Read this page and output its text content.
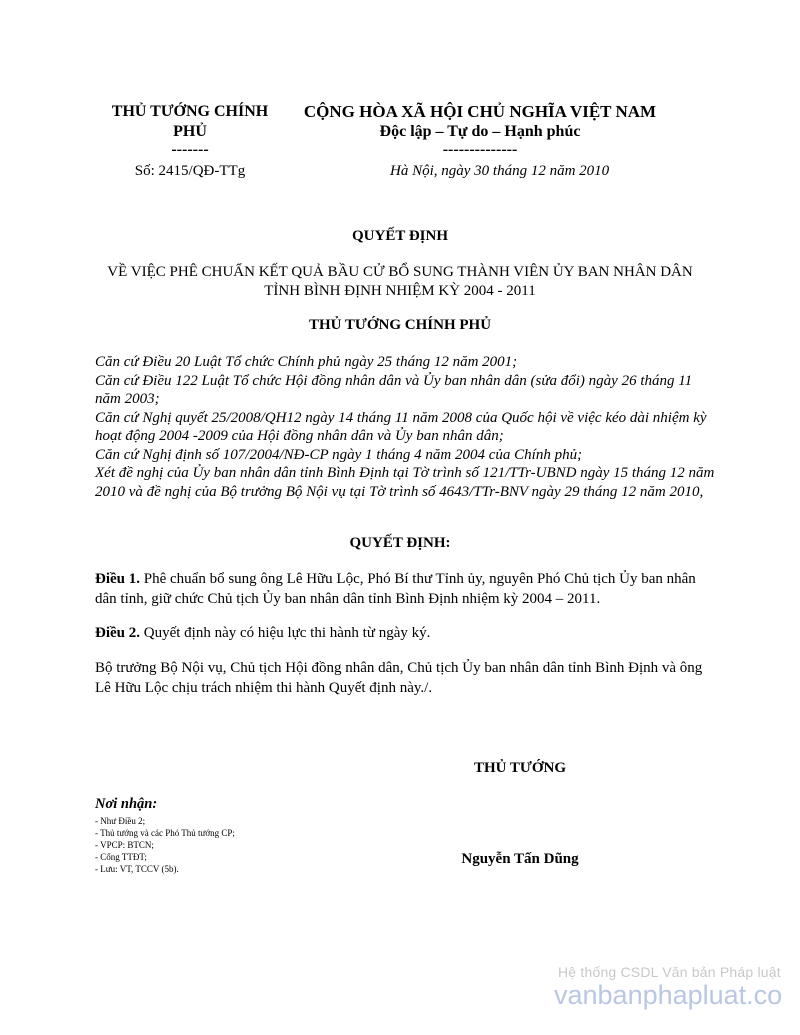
THỦ TƯỚNG CHÍNH
PHỦ
-------
CỘNG HÒA XÃ HỘI CHỦ NGHĨA VIỆT NAM
Độc lập – Tự do – Hạnh phúc
--------------
Số: 2415/QĐ-TTg	Hà Nội, ngày 30 tháng 12 năm 2010
QUYẾT ĐỊNH
VỀ VIỆC PHÊ CHUẨN KẾT QUẢ BẦU CỬ BỔ SUNG THÀNH VIÊN ỦY BAN NHÂN DÂN TỈNH BÌNH ĐỊNH NHIỆM KỲ 2004 - 2011
THỦ TƯỚNG CHÍNH PHỦ

Căn cứ Điều 20 Luật Tổ chức Chính phủ ngày 25 tháng 12 năm 2001;

Căn cứ Điều 122 Luật Tổ chức Hội đồng nhân dân và Ủy ban nhân dân (sửa đổi) ngày 26 tháng 11 năm 2003;

Căn cứ Nghị quyết 25/2008/QH12 ngày 14 tháng 11 năm 2008 của Quốc hội về việc kéo dài nhiệm kỳ hoạt động 2004 -2009 của Hội đồng nhân dân và Ủy ban nhân dân;

Căn cứ Nghị định số 107/2004/NĐ-CP ngày 1 tháng 4 năm 2004 của Chính phủ;

Xét đề nghị của Ủy ban nhân dân tỉnh Bình Định tại Tờ trình số 121/TTr-UBND ngày 15 tháng 12 năm 2010 và đề nghị của Bộ trưởng Bộ Nội vụ tại Tờ trình số 4643/TTr-BNV ngày 29 tháng 12 năm 2010,

QUYẾT ĐỊNH:
Điều 1. Phê chuẩn bổ sung ông Lê Hữu Lộc, Phó Bí thư Tỉnh ủy, nguyên Phó Chủ tịch Ủy ban nhân dân tỉnh, giữ chức Chủ tịch Ủy ban nhân dân tỉnh Bình Định nhiệm kỳ 2004 – 2011.
Điều 2. Quyết định này có hiệu lực thi hành từ ngày ký.
Bộ trưởng Bộ Nội vụ, Chủ tịch Hội đồng nhân dân, Chủ tịch Ủy ban nhân dân tỉnh Bình Định và ông Lê Hữu Lộc chịu trách nhiệm thi hành Quyết định này./.
THỦ TƯỚNG
Nguyễn Tấn Dũng
Nơi nhận:
- Như Điều 2;
- Thủ tướng và các Phó Thủ tướng CP;
- VPCP: BTCN;
- Cổng TTĐT;
- Lưu: VT, TCCV (5b).
Hệ thống CSDL Văn bản Pháp luật
vanbanphapluat.co
